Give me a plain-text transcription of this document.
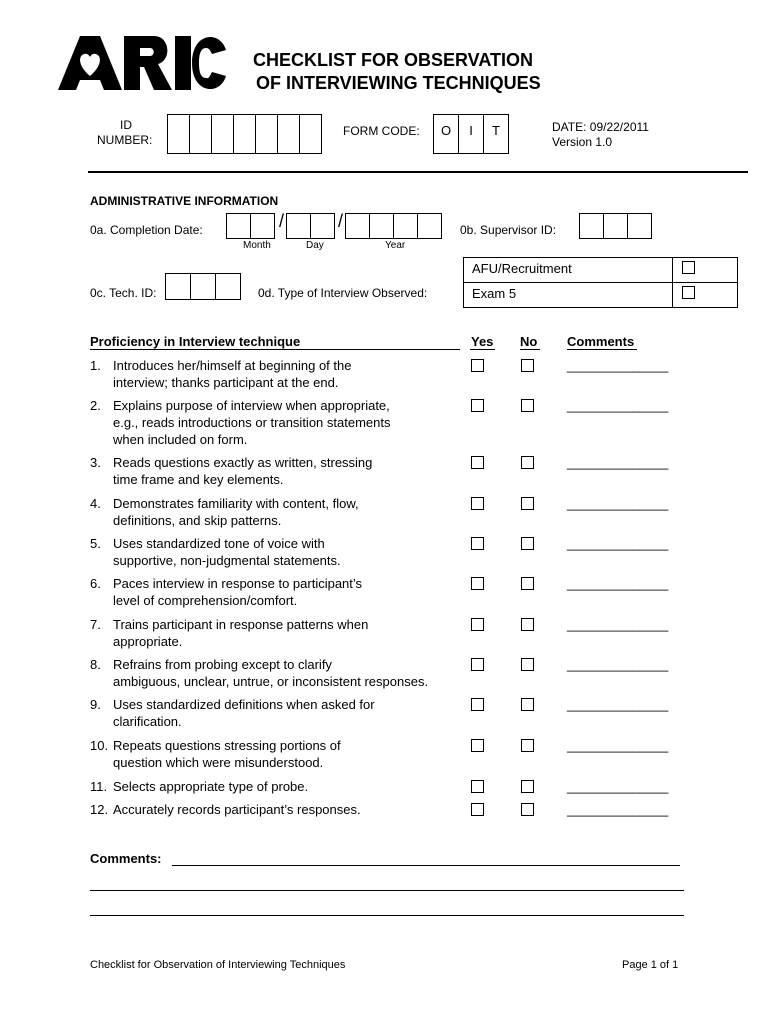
CHECKLIST FOR OBSERVATION
OF INTERVIEWING TECHNIQUES
ID
NUMBER:
FORM CODE:	O	I	T	DATE: 09/22/2011
Version 1.0
ADMINISTRATIVE INFORMATION
0a. Completion Date:	/	/
Month	Day	Year
0b. Supervisor ID:
0c. Tech. ID:	0d. Type of Interview Observed:
AFU/Recruitment
Exam 5
Proficiency in Interview technique	Yes No Comments
1. Introduces her/himself at beginning of the
interview; thanks participant at the end.
______________
2. Explains purpose of interview when appropriate,
e.g., reads introductions or transition statements
when included on form.
______________
3. Reads questions exactly as written, stressing
time frame and key elements.
______________
4. Demonstrates familiarity with content, flow,
definitions, and skip patterns.
______________
5. Uses standardized tone of voice with
supportive, non-judgmental statements.
______________
6. Paces interview in response to participant’s
level of comprehension/comfort.
______________
7. Trains participant in response patterns when
appropriate.
______________
8. Refrains from probing except to clarify
ambiguous, unclear, untrue, or inconsistent responses.
______________
9. Uses standardized definitions when asked for
clarification.
______________
10. Repeats questions stressing portions of
question which were misunderstood.
______________
11. Selects appropriate type of probe.	______________
12. Accurately records participant’s responses.	______________
Comments:
Checklist for Observation of Interviewing Techniques	Page 1 of 1
